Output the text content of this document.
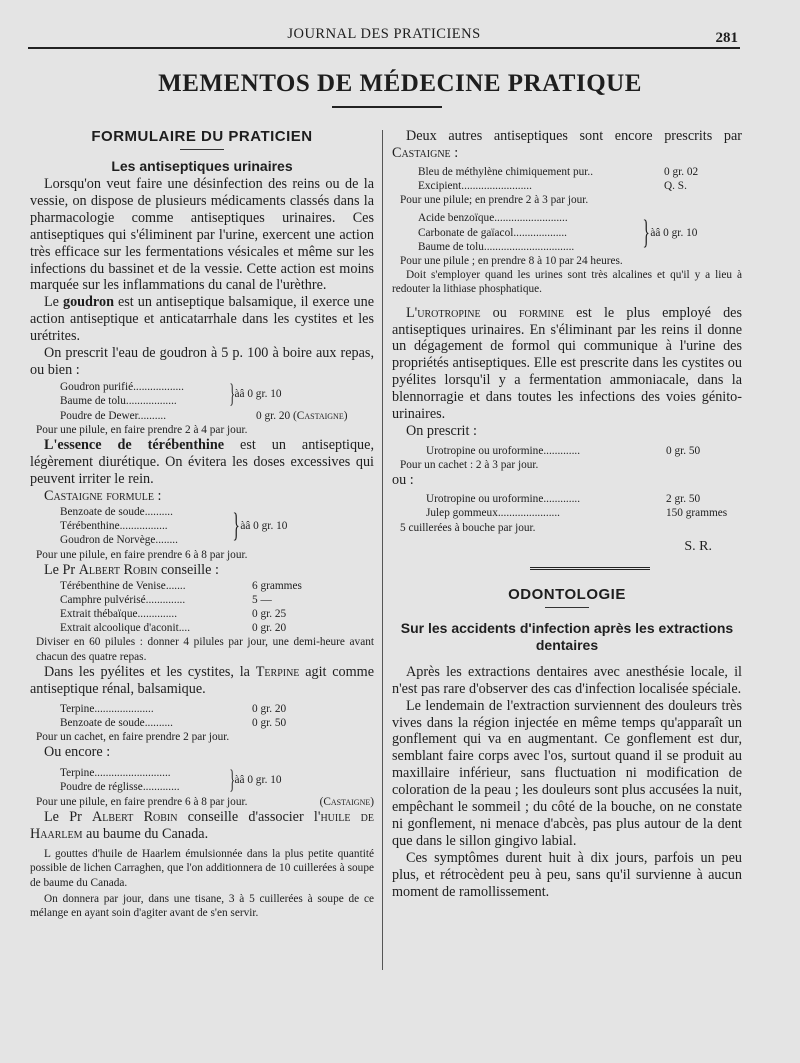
JOURNAL DES PRATICIENS	281
MEMENTOS DE MÉDECINE PRATIQUE
FORMULAIRE DU PRATICIEN
Les antiseptiques urinaires

Lorsqu'on veut faire une désinfection des reins ou de la vessie, on dispose de plusieurs médicaments classés dans la pharmacologie comme antiseptiques urinaires. Ces antiseptiques qui s'éliminent par l'urine, exercent une action très efficace sur les fermentations vésicales et même sur les infections du bassinet et de la vessie. Cette action est moins marquée sur les inflammations du canal de l'urèthre.

Le goudron est un antiseptique balsamique, il exerce une action antiseptique et anticatarrhale dans les cystites et les urétrites.

On prescrit l'eau de goudron à 5 p. 100 à boire aux repas, ou bien :

Goudron purifié..................
Baume de tolu..................	} àâ 0 gr. 10
Poudre de Dewer..........	0 gr. 20
(Castaigne)

Pour une pilule, en faire prendre 2 à 4 par jour.

L'essence de térébenthine est un antiseptique, légèrement diurétique. On évitera les doses excessives qui peuvent irriter le rein.

Castaigne formule :

Benzoate de soude..........
Térébenthine.................
Goudron de Norvège........	} àâ 0 gr. 10

Pour une pilule, en faire prendre 6 à 8 par jour.

Le Pr Albert Robin conseille :

Térébenthine de Venise.......	6 grammes
Camphre pulvérisé..............	5 —
Extrait thébaïque..............	0 gr. 25
Extrait alcoolique d'aconit....	0 gr. 20

Diviser en 60 pilules : donner 4 pilules par jour, une demi-heure avant chacun des quatre repas.

Dans les pyélites et les cystites, la Terpine agit comme antiseptique rénal, balsamique.

Terpine.....................	0 gr. 20
Benzoate de soude..........	0 gr. 50

Pour un cachet, en faire prendre 2 par jour.

Ou encore :

Terpine...........................
Poudre de réglisse.............	} àâ 0 gr. 10

Pour une pilule, en faire prendre 6 à 8 par jour.	(Castaigne)

Le Pr Albert Robin conseille d'associer l'huile de Haarlem au baume du Canada.

L gouttes d'huile de Haarlem émulsionnée dans la plus petite quantité possible de lichen Carraghen, que l'on additionnera de 10 cuillerées à soupe de baume du Canada.

On donnera par jour, dans une tisane, 3 à 5 cuillerées à soupe de ce mélange en ayant soin d'agiter avant de s'en servir.

Deux autres antiseptiques sont encore prescrits par Castaigne :

Bleu de méthylène chimiquement pur..	0 gr. 02
Excipient.........................	Q. S.

Pour une pilule; en prendre 2 à 3 par jour.

Acide benzoïque..........................
Carbonate de gaïacol...................
Baume de tolu................................	} àâ 0 gr. 10

Pour une pilule ; en prendre 8 à 10 par 24 heures.

Doit s'employer quand les urines sont très alcalines et qu'il y a lieu à redouter la lithiase phosphatique.

L'urotropine ou formine est le plus employé des antiseptiques urinaires. En s'éliminant par les reins il donne un dégagement de formol qui communique à l'urine des propriétés antiseptiques. Elle est prescrite dans les cystites ou pyélites lorsqu'il y a fermentation ammoniacale, dans la blennorragie et dans toutes les infections des voies génito-urinaires.

On prescrit :

Urotropine ou uroformine.............	0 gr. 50

Pour un cachet : 2 à 3 par jour.

ou :

Urotropine ou uroformine.............	2 gr. 50
Julep gommeux......................	150 grammes

5 cuillerées à bouche par jour.

S. R.
ODONTOLOGIE
Sur les accidents d'infection après les extractions dentaires

Après les extractions dentaires avec anesthésie locale, il n'est pas rare d'observer des cas d'infection localisée spéciale.

Le lendemain de l'extraction surviennent des douleurs très vives dans la région injectée en même temps qu'apparaît un gonflement qui va en augmentant. Ce gonflement est dur, semblant faire corps avec l'os, surtout quand il se produit au maxillaire inférieur, sans fluctuation ni modification de coloration de la peau ; les douleurs sont plus accusées la nuit, empêchant le sommeil ; du côté de la bouche, on ne constate ni gonflement, ni menace d'abcès, pas plus autour de la dent que dans le sillon gingivo labial.

Ces symptômes durent huit à dix jours, parfois un peu plus, et rétrocèdent peu à peu, sans qu'il survienne à aucun moment de ramollissement.
